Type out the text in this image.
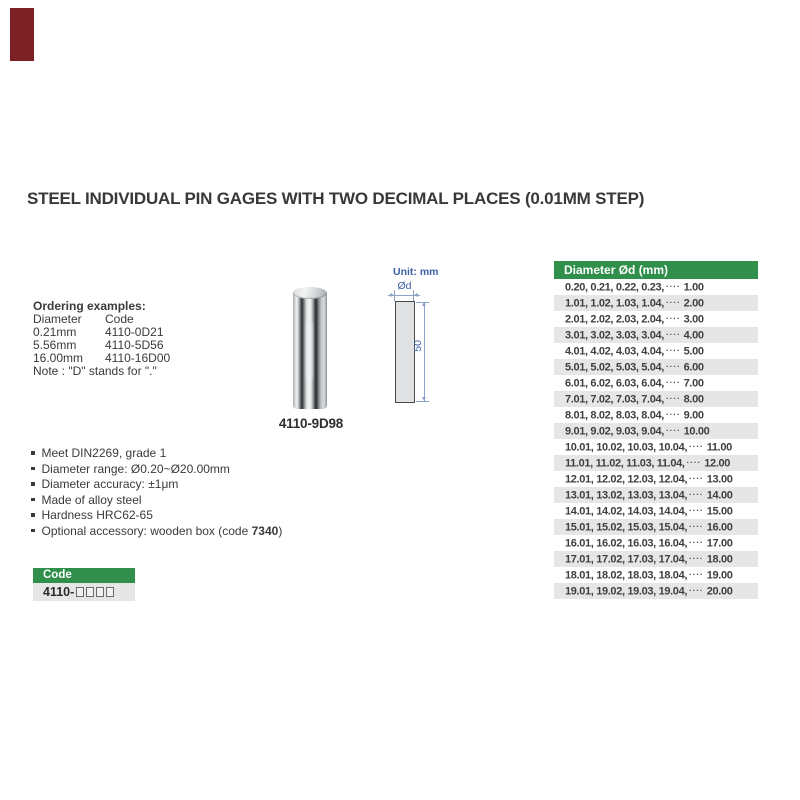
STEEL INDIVIDUAL PIN GAGES WITH TWO DECIMAL PLACES (0.01MM STEP)
Ordering examples:
Diameter	Code
0.21mm	4110-0D21
5.56mm	4110-5D56
16.00mm	4110-16D00
Note : "D" stands for "."
4110-9D98
Unit: mm
Ød
50
Meet DIN2269, grade 1
Diameter range: Ø0.20~Ø20.00mm
Diameter accuracy: ±1μm
Made of alloy steel
Hardness HRC62-65
Optional accessory: wooden box (code 7340)
Code
4110-
Diameter Ød (mm)
0.20, 0.21, 0.22, 0.23, ···· 1.00
1.01, 1.02, 1.03, 1.04, ···· 2.00
2.01, 2.02, 2.03, 2.04, ···· 3.00
3.01, 3.02, 3.03, 3.04, ···· 4.00
4.01, 4.02, 4.03, 4.04, ···· 5.00
5.01, 5.02, 5.03, 5.04, ···· 6.00
6.01, 6.02, 6.03, 6.04, ···· 7.00
7.01, 7.02, 7.03, 7.04, ···· 8.00
8.01, 8.02, 8.03, 8.04, ···· 9.00
9.01, 9.02, 9.03, 9.04, ···· 10.00
10.01, 10.02, 10.03, 10.04, ···· 11.00
11.01, 11.02, 11.03, 11.04, ···· 12.00
12.01, 12.02, 12.03, 12.04, ···· 13.00
13.01, 13.02, 13.03, 13.04, ···· 14.00
14.01, 14.02, 14.03, 14.04, ···· 15.00
15.01, 15.02, 15.03, 15.04, ···· 16.00
16.01, 16.02, 16.03, 16.04, ···· 17.00
17.01, 17.02, 17.03, 17.04, ···· 18.00
18.01, 18.02, 18.03, 18.04, ···· 19.00
19.01, 19.02, 19.03, 19.04, ···· 20.00
